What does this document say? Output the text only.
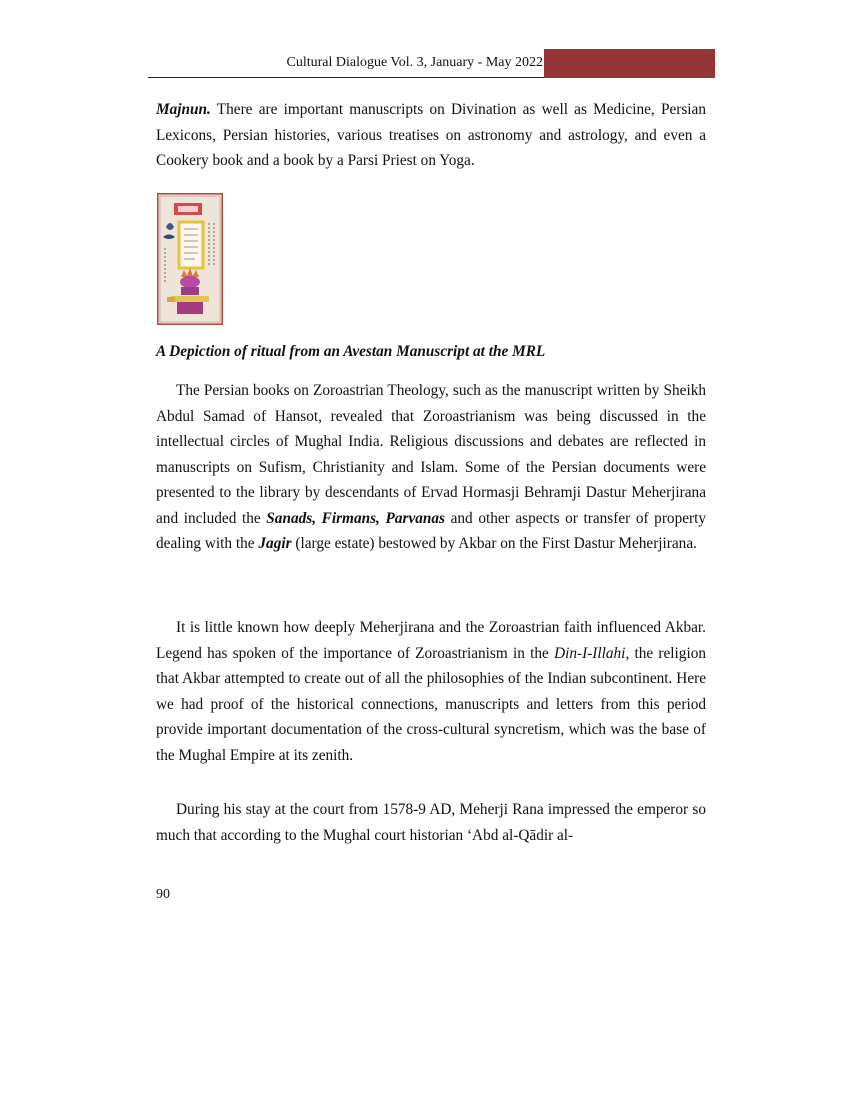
Cultural Dialogue Vol. 3, January - May 2022

Majnun. There are important manuscripts on Divination as well as Medicine, Persian Lexicons, Persian histories, various treatises on astronomy and astrology, and even a Cookery book and a book by a Parsi Priest on Yoga.

A Depiction of ritual from an Avestan Manuscript at the MRL

The Persian books on Zoroastrian Theology, such as the manuscript written by Sheikh Abdul Samad of Hansot, revealed that Zoroastrianism was being discussed in the intellectual circles of Mughal India. Religious discussions and debates are reflected in manuscripts on Sufism, Christianity and Islam. Some of the Persian documents were presented to the library by descendants of Ervad Hormasji Behramji Dastur Meherjirana and included the Sanads, Firmans, Parvanas and other aspects or transfer of property dealing with the Jagir (large estate) bestowed by Akbar on the First Dastur Meherjirana.

It is little known how deeply Meherjirana and the Zoroastrian faith influenced Akbar. Legend has spoken of the importance of Zoroastrianism in the Din-I-Illahi, the religion that Akbar attempted to create out of all the philosophies of the Indian subcontinent. Here we had proof of the historical connections, manuscripts and letters from this period provide important documentation of the cross-cultural syncretism, which was the base of the Mughal Empire at its zenith.

During his stay at the court from 1578-9 AD, Meherji Rana impressed the emperor so much that according to the Mughal court historian ‘Abd al-Qādir al-

90
